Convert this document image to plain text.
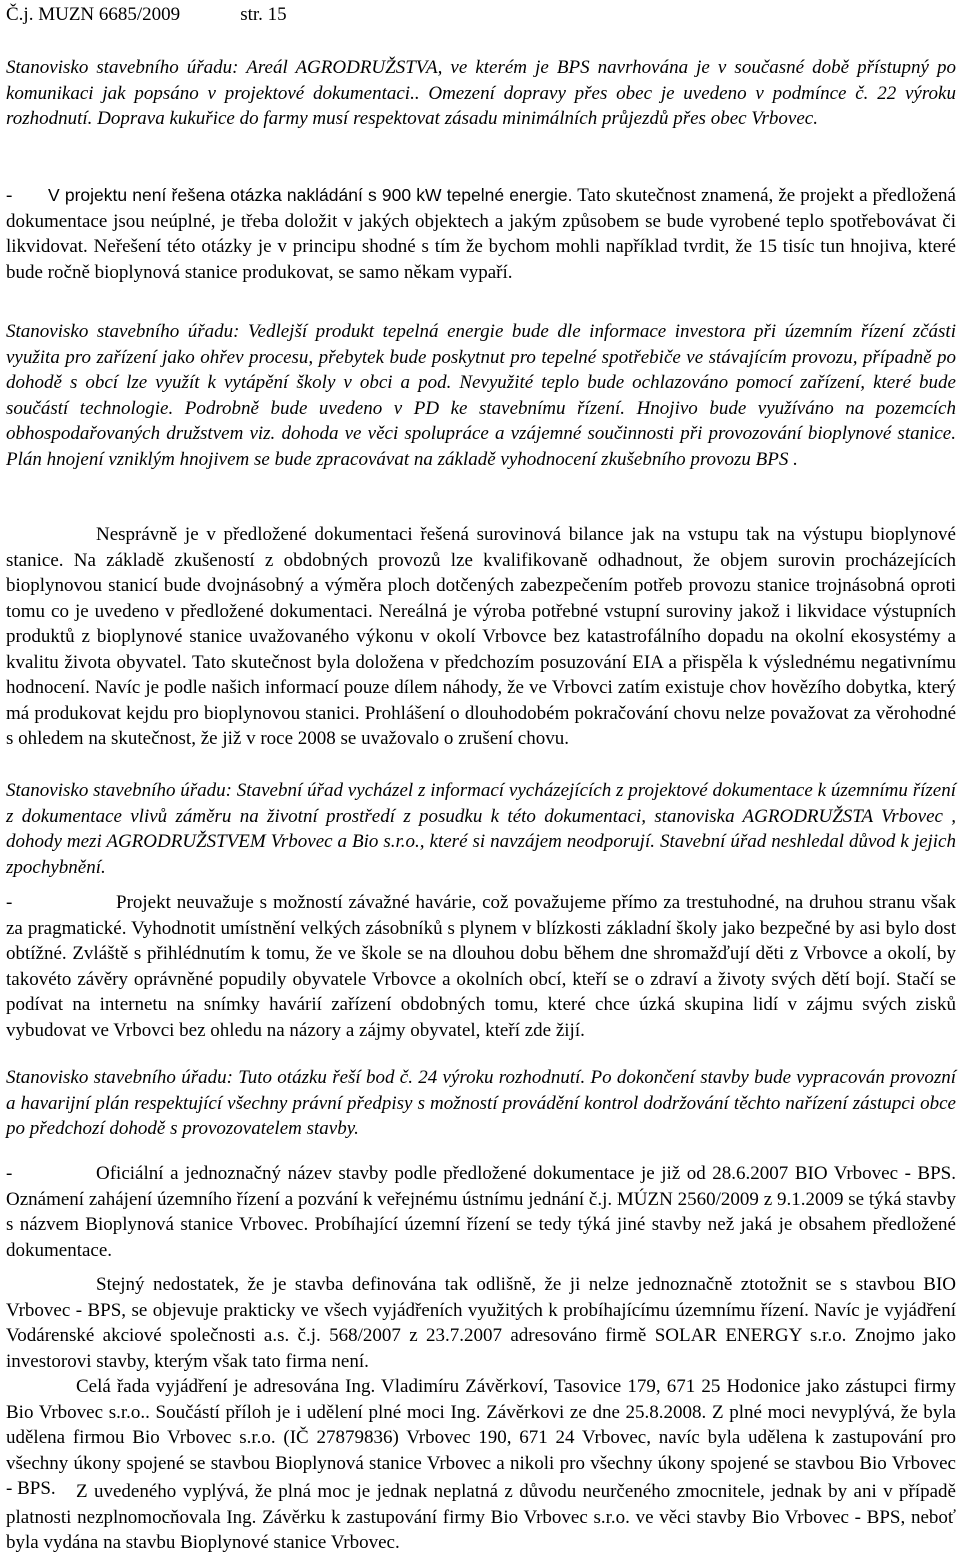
Č.j. MUZN 6685/2009	str. 15
Stanovisko stavebního úřadu: Areál AGRODRUŽSTVA, ve kterém je BPS navrhována je v současné době přístupný po komunikaci jak popsáno v projektové dokumentaci.. Omezení dopravy přes obec je uvedeno v podmínce č. 22 výroku rozhodnutí. Doprava kukuřice do farmy musí respektovat zásadu minimálních průjezdů přes obec Vrbovec.
- V projektu není řešena otázka nakládání s 900 kW tepelné energie. Tato skutečnost znamená, že projekt a předložená dokumentace jsou neúplné, je třeba doložit v jakých objektech a jakým způsobem se bude vyrobené teplo spotřebovávat či likvidovat. Neřešení této otázky je v principu shodné s tím že bychom mohli například tvrdit, že 15 tisíc tun hnojiva, které bude ročně bioplynová stanice produkovat, se samo někam vypaří.
Stanovisko stavebního úřadu: Vedlejší produkt tepelná energie bude dle informace investora při územním řízení zčásti využita pro zařízení jako ohřev procesu, přebytek bude poskytnut pro tepelné spotřebiče ve stávajícím provozu, případně po dohodě s obcí lze využít k vytápění školy v obci a pod. Nevyužité teplo bude ochlazováno pomocí zařízení, které bude součástí technologie. Podrobně bude uvedeno v PD ke stavebnímu řízení. Hnojivo bude využíváno na pozemcích obhospodařovaných družstvem viz. dohoda ve věci spolupráce a vzájemné součinnosti při provozování bioplynové stanice. Plán hnojení vzniklým hnojivem se bude zpracovávat na základě vyhodnocení zkušebního provozu BPS .
Nesprávně je v předložené dokumentaci řešená surovinová bilance jak na vstupu tak na výstupu bioplynové stanice. Na základě zkušeností z obdobných provozů lze kvalifikovaně odhadnout, že objem surovin procházejících bioplynovou stanicí bude dvojnásobný a výměra ploch dotčených zabezpečením potřeb provozu stanice trojnásobná oproti tomu co je uvedeno v předložené dokumentaci. Nereálná je výroba potřebné vstupní suroviny jakož i likvidace výstupních produktů z bioplynové stanice uvažovaného výkonu v okolí Vrbovce bez katastrofálního dopadu na okolní ekosystémy a kvalitu života obyvatel. Tato skutečnost byla doložena v předchozím posuzování EIA a přispěla k výslednému negativnímu hodnocení. Navíc je podle našich informací pouze dílem náhody, že ve Vrbovci zatím existuje chov hovězího dobytka, který má produkovat kejdu pro bioplynovou stanici. Prohlášení o dlouhodobém pokračování chovu nelze považovat za věrohodné s ohledem na skutečnost, že již v roce 2008 se uvažovalo o zrušení chovu.
Stanovisko stavebního úřadu: Stavební úřad vycházel z informací vycházejících z projektové dokumentace k územnímu řízení z dokumentace vlivů záměru na životní prostředí z posudku k této dokumentaci, stanoviska AGRODRUŽSTA Vrbovec , dohody mezi AGRODRUŽSTVEM Vrbovec a Bio s.r.o., které si navzájem neodporují. Stavební úřad neshledal důvod k jejich zpochybnění.
-	Projekt neuvažuje s možností závažné havárie, což považujeme přímo za trestuhodné, na druhou stranu však za pragmatické. Vyhodnotit umístnění velkých zásobníků s plynem v blízkosti základní školy jako bezpečné by asi bylo dost obtížné. Zvláště s přihlédnutím k tomu, že ve škole se na dlouhou dobu během dne shromažďují děti z Vrbovce a okolí, by takovéto závěry oprávněné popudily obyvatele Vrbovce a okolních obcí, kteří se o zdraví a životy svých dětí bojí. Stačí se podívat na internetu na snímky havárií zařízení obdobných tomu, které chce úzká skupina lidí v zájmu svých zisků vybudovat ve Vrbovci bez ohledu na názory a zájmy obyvatel, kteří zde žijí.
Stanovisko stavebního úřadu: Tuto otázku řeší bod č. 24 výroku rozhodnutí. Po dokončení stavby bude vypracován provozní a havarijní plán respektující všechny právní předpisy s možností provádění kontrol dodržování těchto nařízení zástupci obce po předchozí dohodě s provozovatelem stavby.
-	Oficiální a jednoznačný název stavby podle předložené dokumentace je již od 28.6.2007 BIO Vrbovec - BPS. Oznámení zahájení územního řízení a pozvání k veřejnému ústnímu jednání č.j. MÚZN 2560/2009 z 9.1.2009 se týká stavby s názvem Bioplynová stanice Vrbovec. Probíhající územní řízení se tedy týká jiné stavby než jaká je obsahem předložené dokumentace.
Stejný nedostatek, že je stavba definována tak odlišně, že ji nelze jednoznačně ztotožnit se s stavbou BIO Vrbovec - BPS, se objevuje prakticky ve všech vyjádřeních využitých k probíhajícímu územnímu řízení. Navíc je vyjádření Vodárenské akciové společnosti a.s. č.j. 568/2007 z 23.7.2007 adresováno firmě SOLAR ENERGY s.r.o. Znojmo jako investorovi stavby, kterým však tato firma není.
Celá řada vyjádření je adresována Ing. Vladimíru Závěrkoví, Tasovice 179, 671 25 Hodonice jako zástupci firmy Bio Vrbovec s.r.o.. Součástí příloh je i udělení plné moci Ing. Závěrkovi ze dne 25.8.2008. Z plné moci nevyplývá, že byla udělena firmou Bio Vrbovec s.r.o. (IČ 27879836) Vrbovec 190, 671 24 Vrbovec, navíc byla udělena k zastupování pro všechny úkony spojené se stavbou Bioplynová stanice Vrbovec a nikoli pro všechny úkony spojené se stavbou Bio Vrbovec - BPS.	Z uvedeného vyplývá, že plná moc je jednak neplatná z důvodu neurčeného zmocnitele, jednak by ani v případě platnosti nezplnomocňovala Ing. Závěrku k zastupování firmy Bio Vrbovec s.r.o. ve věci stavby Bio Vrbovec - BPS, neboť byla vydána na stavbu Bioplynové stanice Vrbovec.
